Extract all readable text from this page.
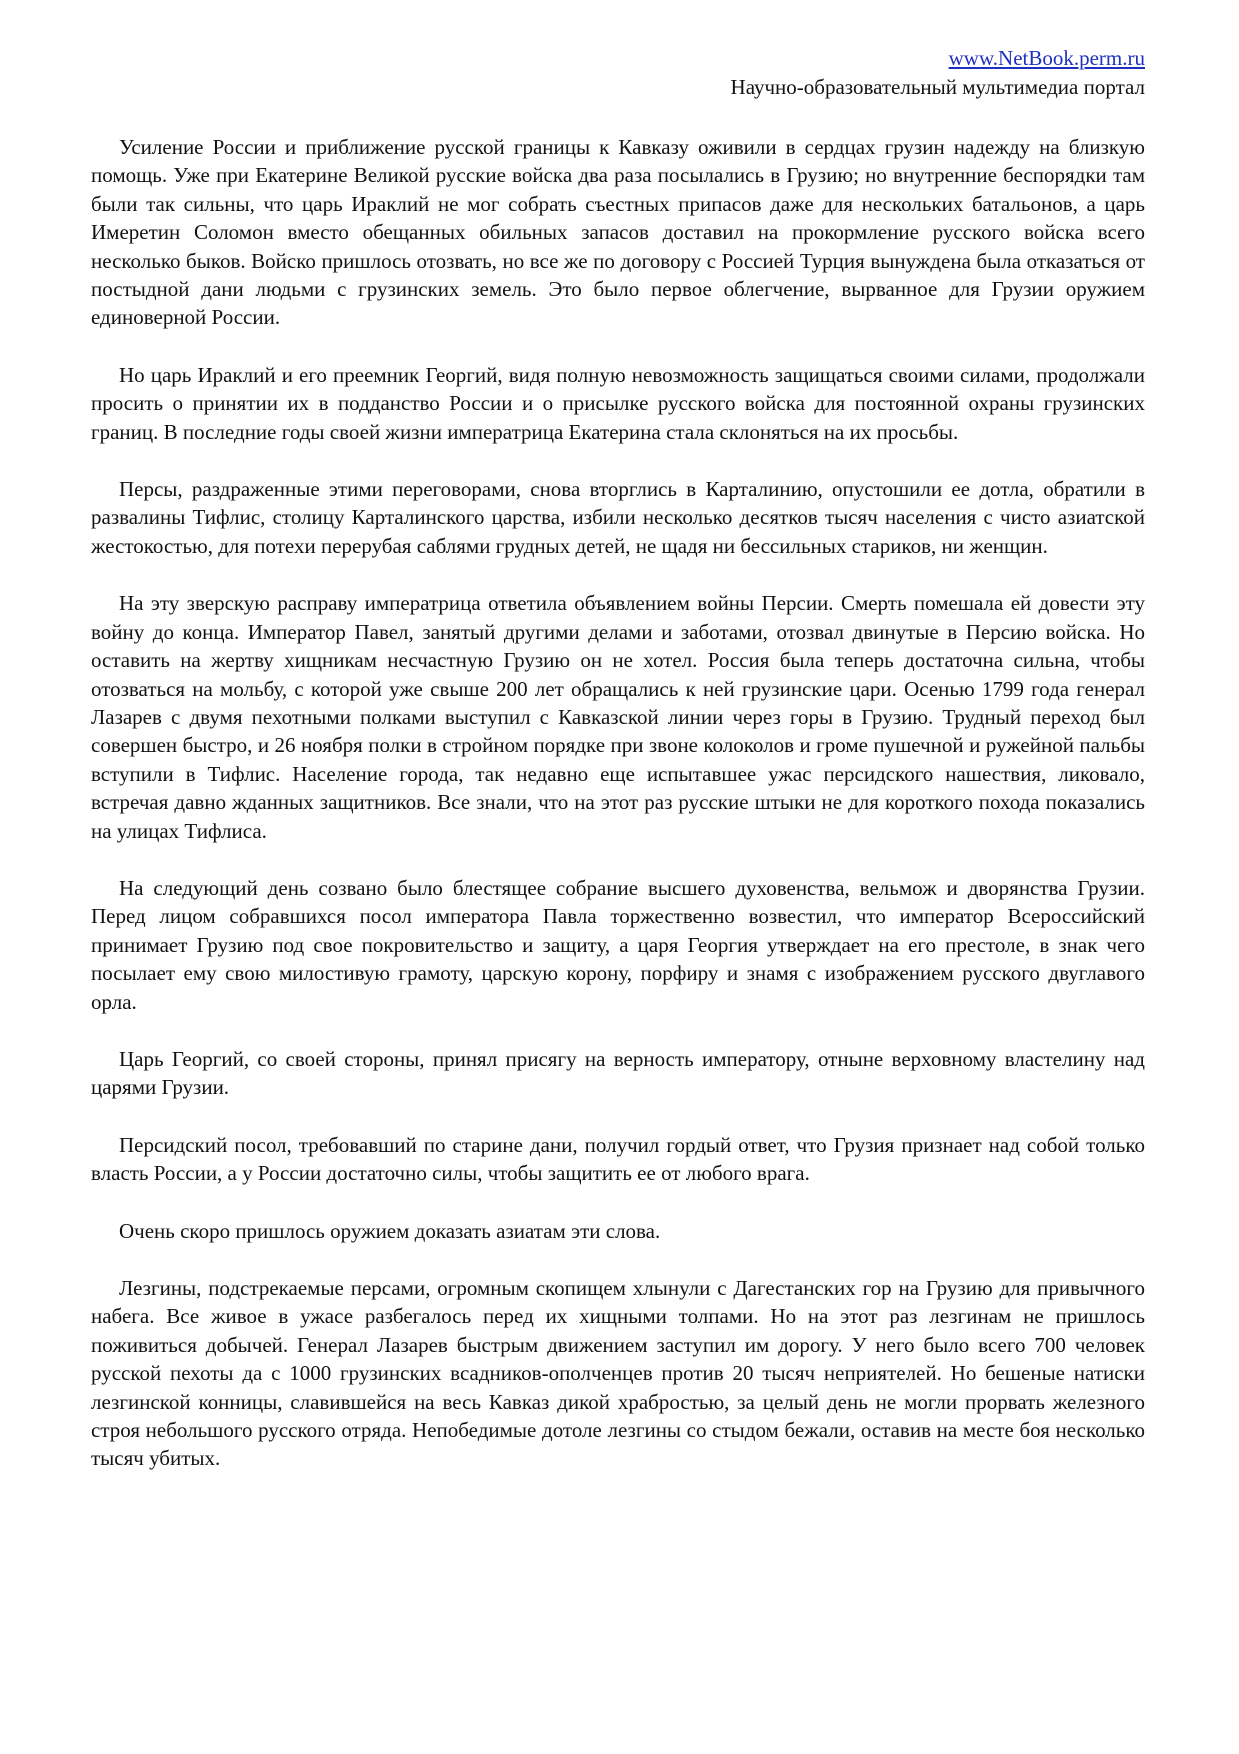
www.NetBook.perm.ru
Научно-образовательный мультимедиа портал

Усиление России и приближение русской границы к Кавказу оживили в сердцах грузин надежду на близкую помощь. Уже при Екатерине Великой русские войска два раза посылались в Грузию; но внутренние беспорядки там были так сильны, что царь Ираклий не мог собрать съестных припасов даже для нескольких батальонов, а царь Имеретин Соломон вместо обещанных обильных запасов доставил на прокормление русского войска всего несколько быков. Войско пришлось отозвать, но все же по договору с Россией Турция вынуждена была отказаться от постыдной дани людьми с грузинских земель. Это было первое облегчение, вырванное для Грузии оружием единоверной России.

Но царь Ираклий и его преемник Георгий, видя полную невозможность защищаться своими силами, продолжали просить о принятии их в подданство России и о присылке русского войска для постоянной охраны грузинских границ. В последние годы своей жизни императрица Екатерина стала склоняться на их просьбы.

Персы, раздраженные этими переговорами, снова вторглись в Карталинию, опустошили ее дотла, обратили в развалины Тифлис, столицу Карталинского царства, избили несколько десятков тысяч населения с чисто азиатской жестокостью, для потехи перерубая саблями грудных детей, не щадя ни бессильных стариков, ни женщин.

На эту зверскую расправу императрица ответила объявлением войны Персии. Смерть помешала ей довести эту войну до конца. Император Павел, занятый другими делами и заботами, отозвал двинутые в Персию войска. Но оставить на жертву хищникам несчастную Грузию он не хотел. Россия была теперь достаточна сильна, чтобы отозваться на мольбу, с которой уже свыше 200 лет обращались к ней грузинские цари. Осенью 1799 года генерал Лазарев с двумя пехотными полками выступил с Кавказской линии через горы в Грузию. Трудный переход был совершен быстро, и 26 ноября полки в стройном порядке при звоне колоколов и громе пушечной и ружейной пальбы вступили в Тифлис. Население города, так недавно еще испытавшее ужас персидского нашествия, ликовало, встречая давно жданных защитников. Все знали, что на этот раз русские штыки не для короткого похода показались на улицах Тифлиса.

На следующий день созвано было блестящее собрание высшего духовенства, вельмож и дворянства Грузии. Перед лицом собравшихся посол императора Павла торжественно возвестил, что император Всероссийский принимает Грузию под свое покровительство и защиту, а царя Георгия утверждает на его престоле, в знак чего посылает ему свою милостивую грамоту, царскую корону, порфиру и знамя с изображением русского двуглавого орла.

Царь Георгий, со своей стороны, принял присягу на верность императору, отныне верховному властелину над царями Грузии.

Персидский посол, требовавший по старине дани, получил гордый ответ, что Грузия признает над собой только власть России, а у России достаточно силы, чтобы защитить ее от любого врага.

Очень скоро пришлось оружием доказать азиатам эти слова.

Лезгины, подстрекаемые персами, огромным скопищем хлынули с Дагестанских гор на Грузию для привычного набега. Все живое в ужасе разбегалось перед их хищными толпами. Но на этот раз лезгинам не пришлось поживиться добычей. Генерал Лазарев быстрым движением заступил им дорогу. У него было всего 700 человек русской пехоты да с 1000 грузинских всадников-ополченцев против 20 тысяч неприятелей. Но бешеные натиски лезгинской конницы, славившейся на весь Кавказ дикой храбростью, за целый день не могли прорвать железного строя небольшого русского отряда. Непобедимые дотоле лезгины со стыдом бежали, оставив на месте боя несколько тысяч убитых.
